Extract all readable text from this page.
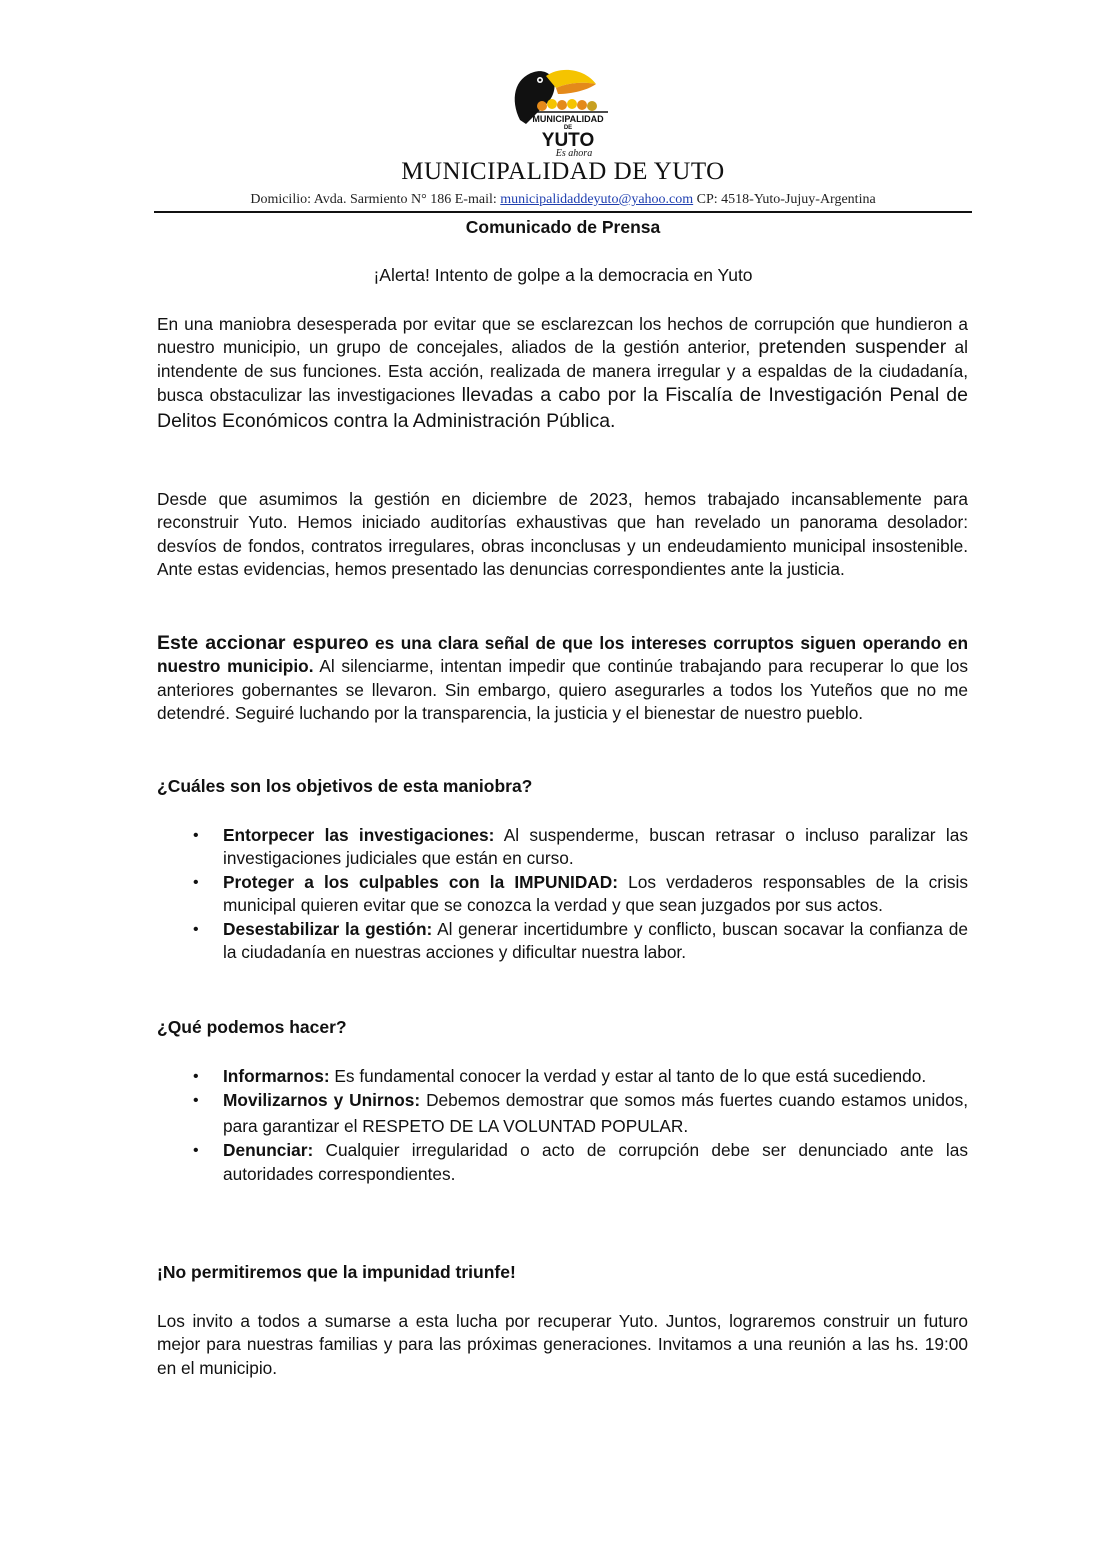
MUNICIPALIDAD
DE
YUTO
Es ahora
MUNICIPALIDAD DE YUTO
Domicilio: Avda. Sarmiento N° 186 E-mail: municipalidaddeyuto@yahoo.com CP: 4518-Yuto-Jujuy-Argentina
Comunicado de Prensa
¡Alerta! Intento de golpe a la democracia en Yuto
En una maniobra desesperada por evitar que se esclarezcan los hechos de corrupción que hundieron a nuestro municipio, un grupo de concejales, aliados de la gestión anterior, pretenden suspender al intendente de sus funciones. Esta acción, realizada de manera irregular y a espaldas de la ciudadanía, busca obstaculizar las investigaciones llevadas a cabo por la Fiscalía de Investigación Penal de Delitos Económicos contra la Administración Pública.
Desde que asumimos la gestión en diciembre de 2023, hemos trabajado incansablemente para reconstruir Yuto. Hemos iniciado auditorías exhaustivas que han revelado un panorama desolador: desvíos de fondos, contratos irregulares, obras inconclusas y un endeudamiento municipal insostenible. Ante estas evidencias, hemos presentado las denuncias correspondientes ante la justicia.
Este accionar espureo es una clara señal de que los intereses corruptos siguen operando en nuestro municipio. Al silenciarme, intentan impedir que continúe trabajando para recuperar lo que los anteriores gobernantes se llevaron. Sin embargo, quiero asegurarles a todos los Yuteños que no me detendré. Seguiré luchando por la transparencia, la justicia y el bienestar de nuestro pueblo.
¿Cuáles son los objetivos de esta maniobra?
• Entorpecer las investigaciones: Al suspenderme, buscan retrasar o incluso paralizar las investigaciones judiciales que están en curso.
• Proteger a los culpables con la IMPUNIDAD: Los verdaderos responsables de la crisis municipal quieren evitar que se conozca la verdad y que sean juzgados por sus actos.
• Desestabilizar la gestión: Al generar incertidumbre y conflicto, buscan socavar la confianza de la ciudadanía en nuestras acciones y dificultar nuestra labor.
¿Qué podemos hacer?
• Informarnos: Es fundamental conocer la verdad y estar al tanto de lo que está sucediendo.
• Movilizarnos y Unirnos: Debemos demostrar que somos más fuertes cuando estamos unidos, para garantizar el RESPETO DE LA VOLUNTAD POPULAR.
• Denunciar: Cualquier irregularidad o acto de corrupción debe ser denunciado ante las autoridades correspondientes.
¡No permitiremos que la impunidad triunfe!
Los invito a todos a sumarse a esta lucha por recuperar Yuto. Juntos, lograremos construir un futuro mejor para nuestras familias y para las próximas generaciones. Invitamos a una reunión a las hs. 19:00 en el municipio.
